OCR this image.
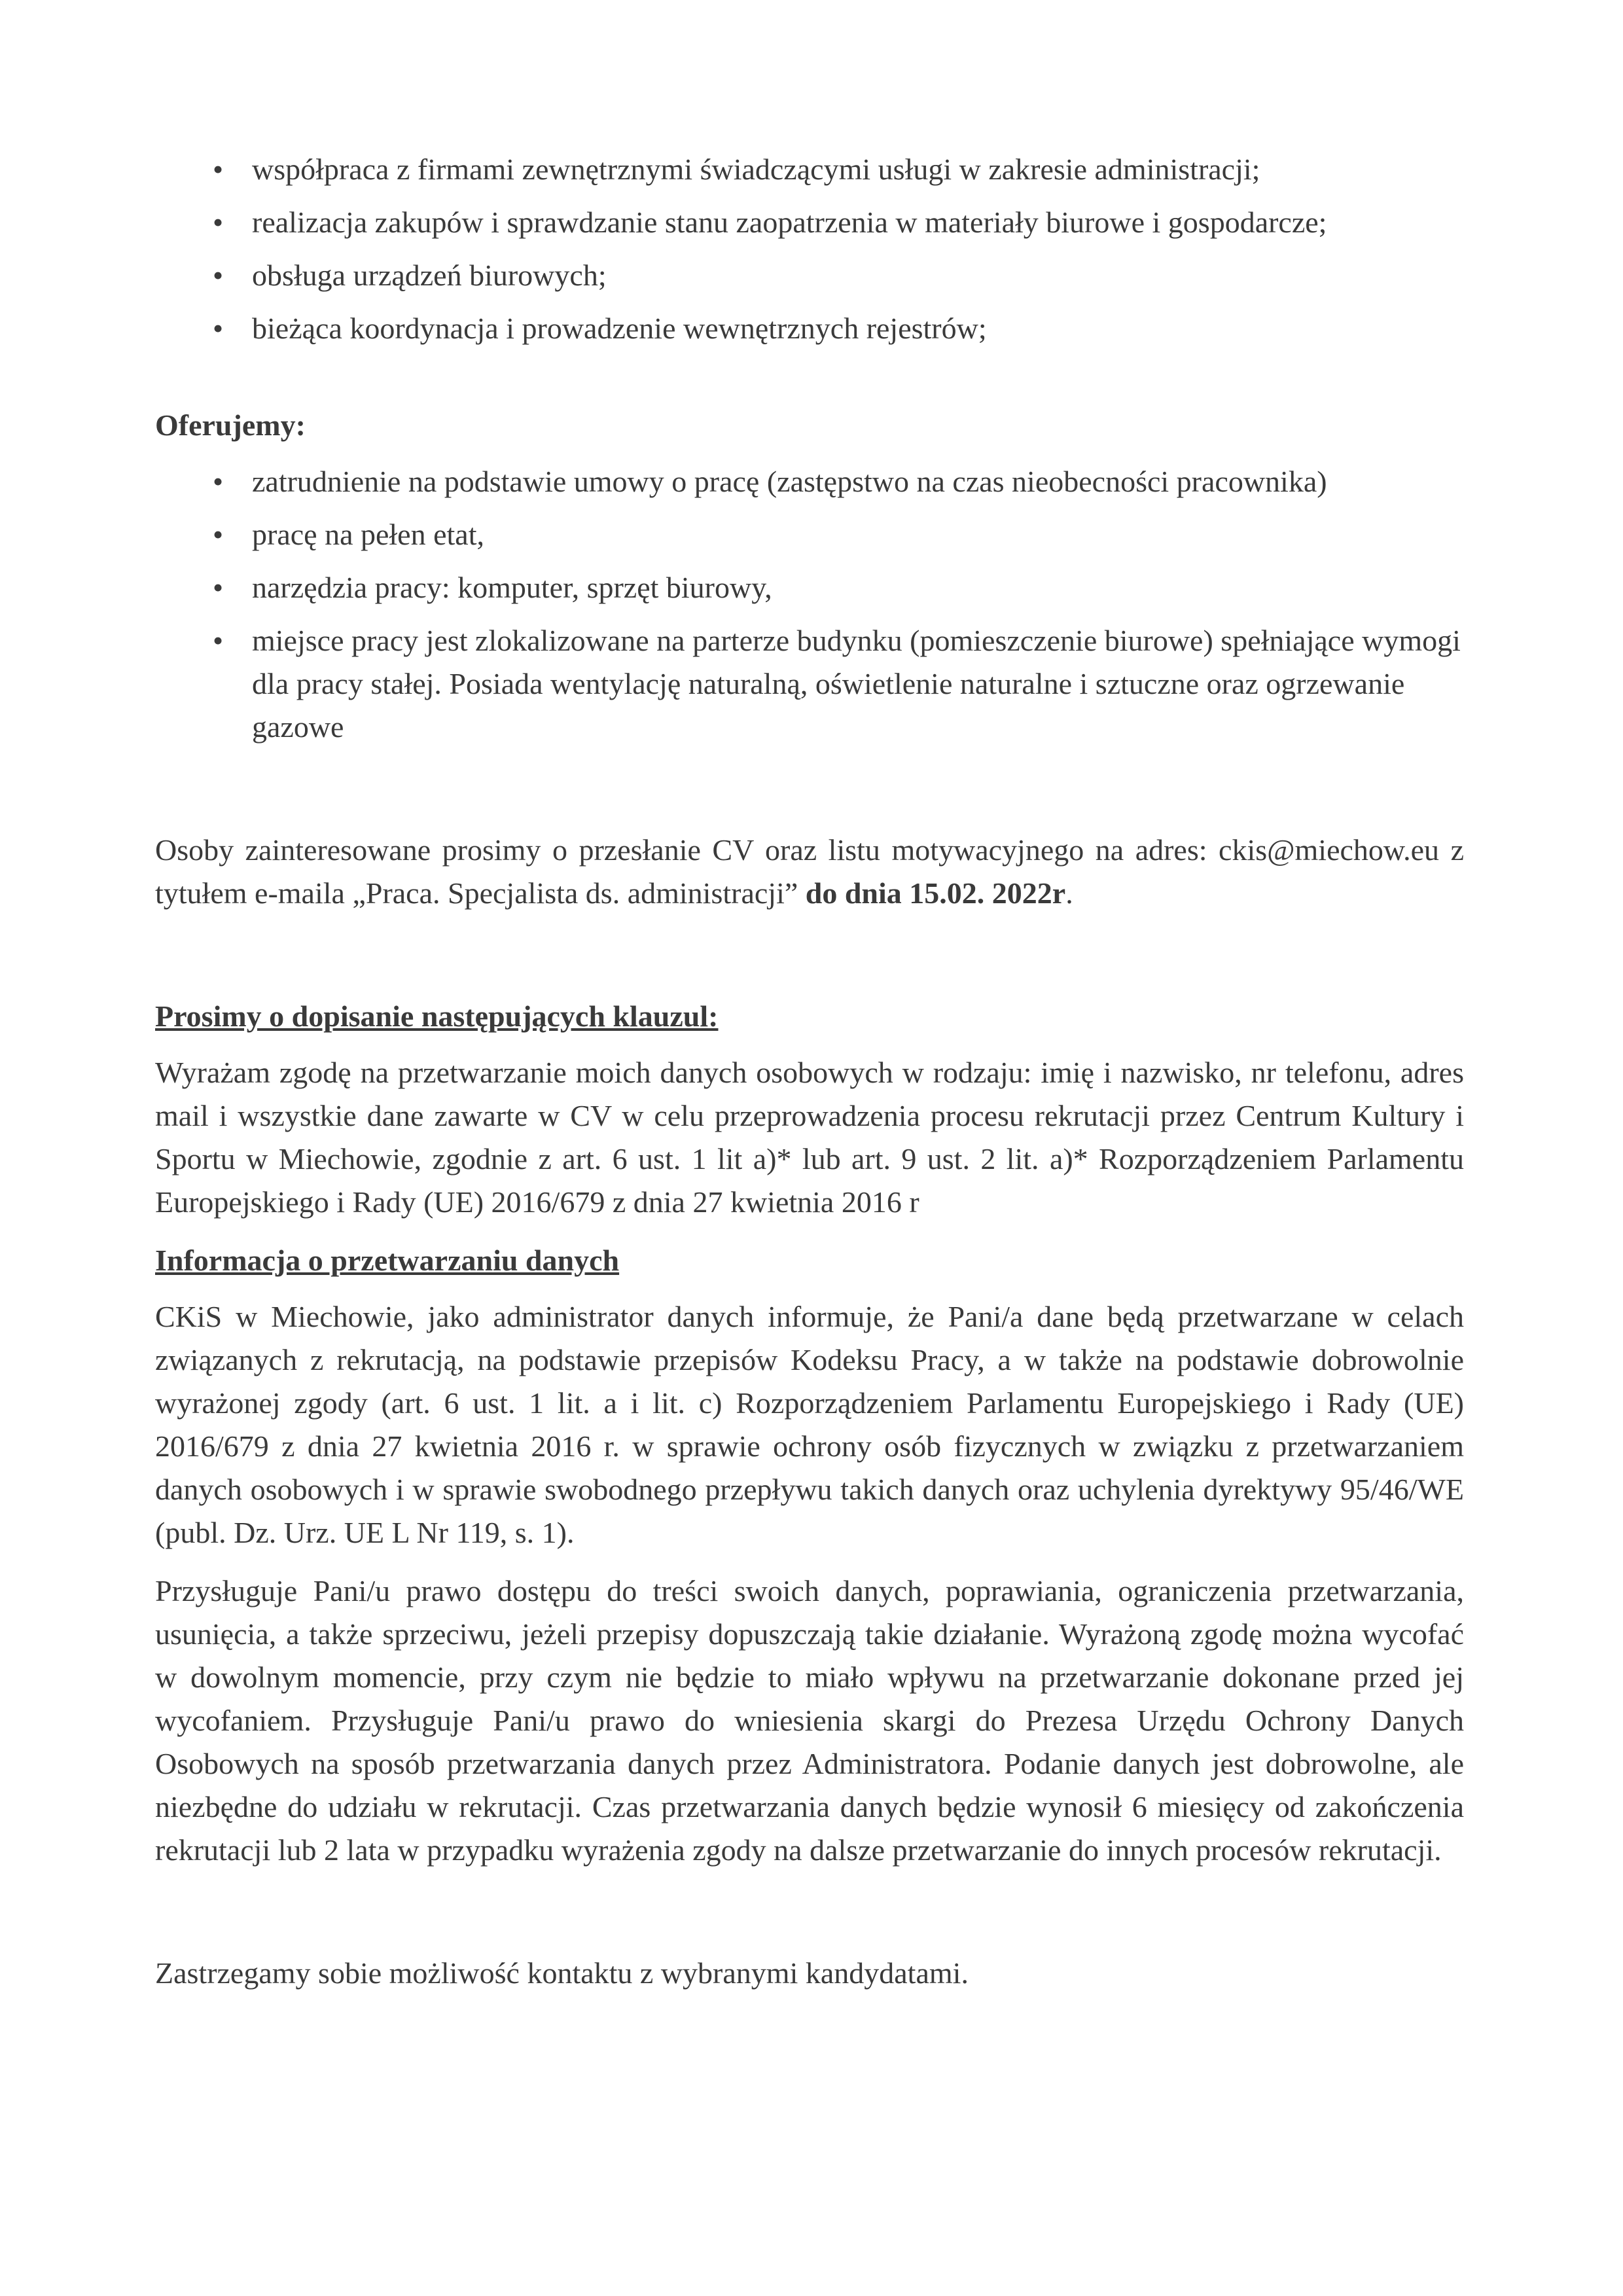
• współpraca z firmami zewnętrznymi świadczącymi usługi w zakresie administracji;
• realizacja zakupów i sprawdzanie stanu zaopatrzenia w materiały biurowe i gospodarcze;
• obsługa urządzeń biurowych;
• bieżąca koordynacja i prowadzenie wewnętrznych rejestrów;

Oferujemy:

• zatrudnienie na podstawie umowy o pracę (zastępstwo na czas nieobecności pracownika)
• pracę na pełen etat,
• narzędzia pracy: komputer, sprzęt biurowy,
• miejsce pracy jest zlokalizowane na parterze budynku (pomieszczenie biurowe) spełniające wymogi dla pracy stałej. Posiada wentylację naturalną, oświetlenie naturalne i sztuczne oraz ogrzewanie gazowe

Osoby zainteresowane prosimy o przesłanie CV oraz listu motywacyjnego na adres: ckis@miechow.eu z tytułem e-maila „Praca. Specjalista ds. administracji” do dnia 15.02. 2022r.

Prosimy o dopisanie następujących klauzul:

Wyrażam zgodę na przetwarzanie moich danych osobowych w rodzaju: imię i nazwisko, nr telefonu, adres mail i wszystkie dane zawarte w CV w celu przeprowadzenia procesu rekrutacji przez Centrum Kultury i Sportu w Miechowie, zgodnie z art. 6 ust. 1 lit a)* lub art. 9 ust. 2 lit. a)* Rozporządzeniem Parlamentu Europejskiego i Rady (UE) 2016/679 z dnia 27 kwietnia 2016 r

Informacja o przetwarzaniu danych

CKiS w Miechowie, jako administrator danych informuje, że Pani/a dane będą przetwarzane w celach związanych z rekrutacją, na podstawie przepisów Kodeksu Pracy, a w także na podstawie dobrowolnie wyrażonej zgody (art. 6 ust. 1 lit. a i lit. c) Rozporządzeniem Parlamentu Europejskiego i Rady (UE) 2016/679 z dnia 27 kwietnia 2016 r. w sprawie ochrony osób fizycznych w związku z przetwarzaniem danych osobowych i w sprawie swobodnego przepływu takich danych oraz uchylenia dyrektywy 95/46/WE (publ. Dz. Urz. UE L Nr 119, s. 1).

Przysługuje Pani/u prawo dostępu do treści swoich danych, poprawiania, ograniczenia przetwarzania, usunięcia, a także sprzeciwu, jeżeli przepisy dopuszczają takie działanie. Wyrażoną zgodę można wycofać w dowolnym momencie, przy czym nie będzie to miało wpływu na przetwarzanie dokonane przed jej wycofaniem. Przysługuje Pani/u prawo do wniesienia skargi do Prezesa Urzędu Ochrony Danych Osobowych na sposób przetwarzania danych przez Administratora. Podanie danych jest dobrowolne, ale niezbędne do udziału w rekrutacji. Czas przetwarzania danych będzie wynosił 6 miesięcy od zakończenia rekrutacji lub 2 lata w przypadku wyrażenia zgody na dalsze przetwarzanie do innych procesów rekrutacji.

Zastrzegamy sobie możliwość kontaktu z wybranymi kandydatami.
